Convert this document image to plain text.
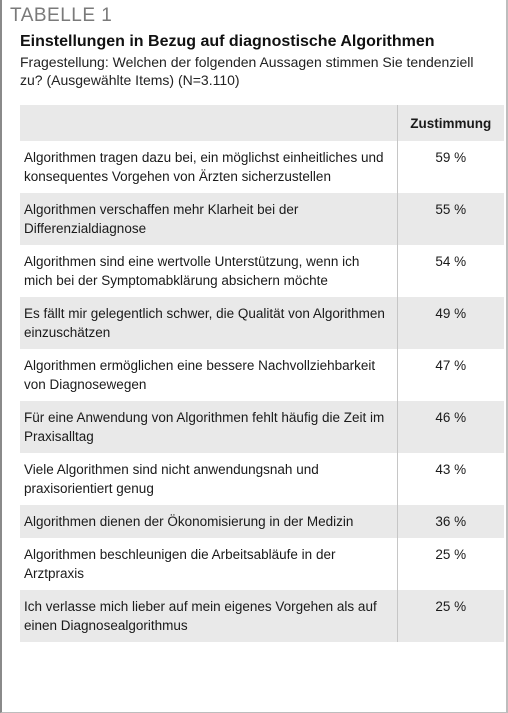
TABELLE 1
Einstellungen in Bezug auf diagnostische Algorithmen
Fragestellung: Welchen der folgenden Aussagen stimmen Sie tendenziell zu? (Ausgewählte Items) (N=3.110)
	Zustimmung
Algorithmen tragen dazu bei, ein möglichst einheitliches und konsequentes Vorgehen von Ärzten sicherzustellen	59 %
Algorithmen verschaffen mehr Klarheit bei der Differenzialdiagnose	55 %
Algorithmen sind eine wertvolle Unterstützung, wenn ich mich bei der Symptomabklärung absichern möchte	54 %
Es fällt mir gelegentlich schwer, die Qualität von Algorithmen einzuschätzen	49 %
Algorithmen ermöglichen eine bessere Nachvollziehbarkeit von Diagnosewegen	47 %
Für eine Anwendung von Algorithmen fehlt häufig die Zeit im Praxisalltag	46 %
Viele Algorithmen sind nicht anwendungsnah und praxisorientiert genug	43 %
Algorithmen dienen der Ökonomisierung in der Medizin	36 %
Algorithmen beschleunigen die Arbeitsabläufe in der Arztpraxis	25 %
Ich verlasse mich lieber auf mein eigenes Vorgehen als auf einen Diagnosealgorithmus	25 %
